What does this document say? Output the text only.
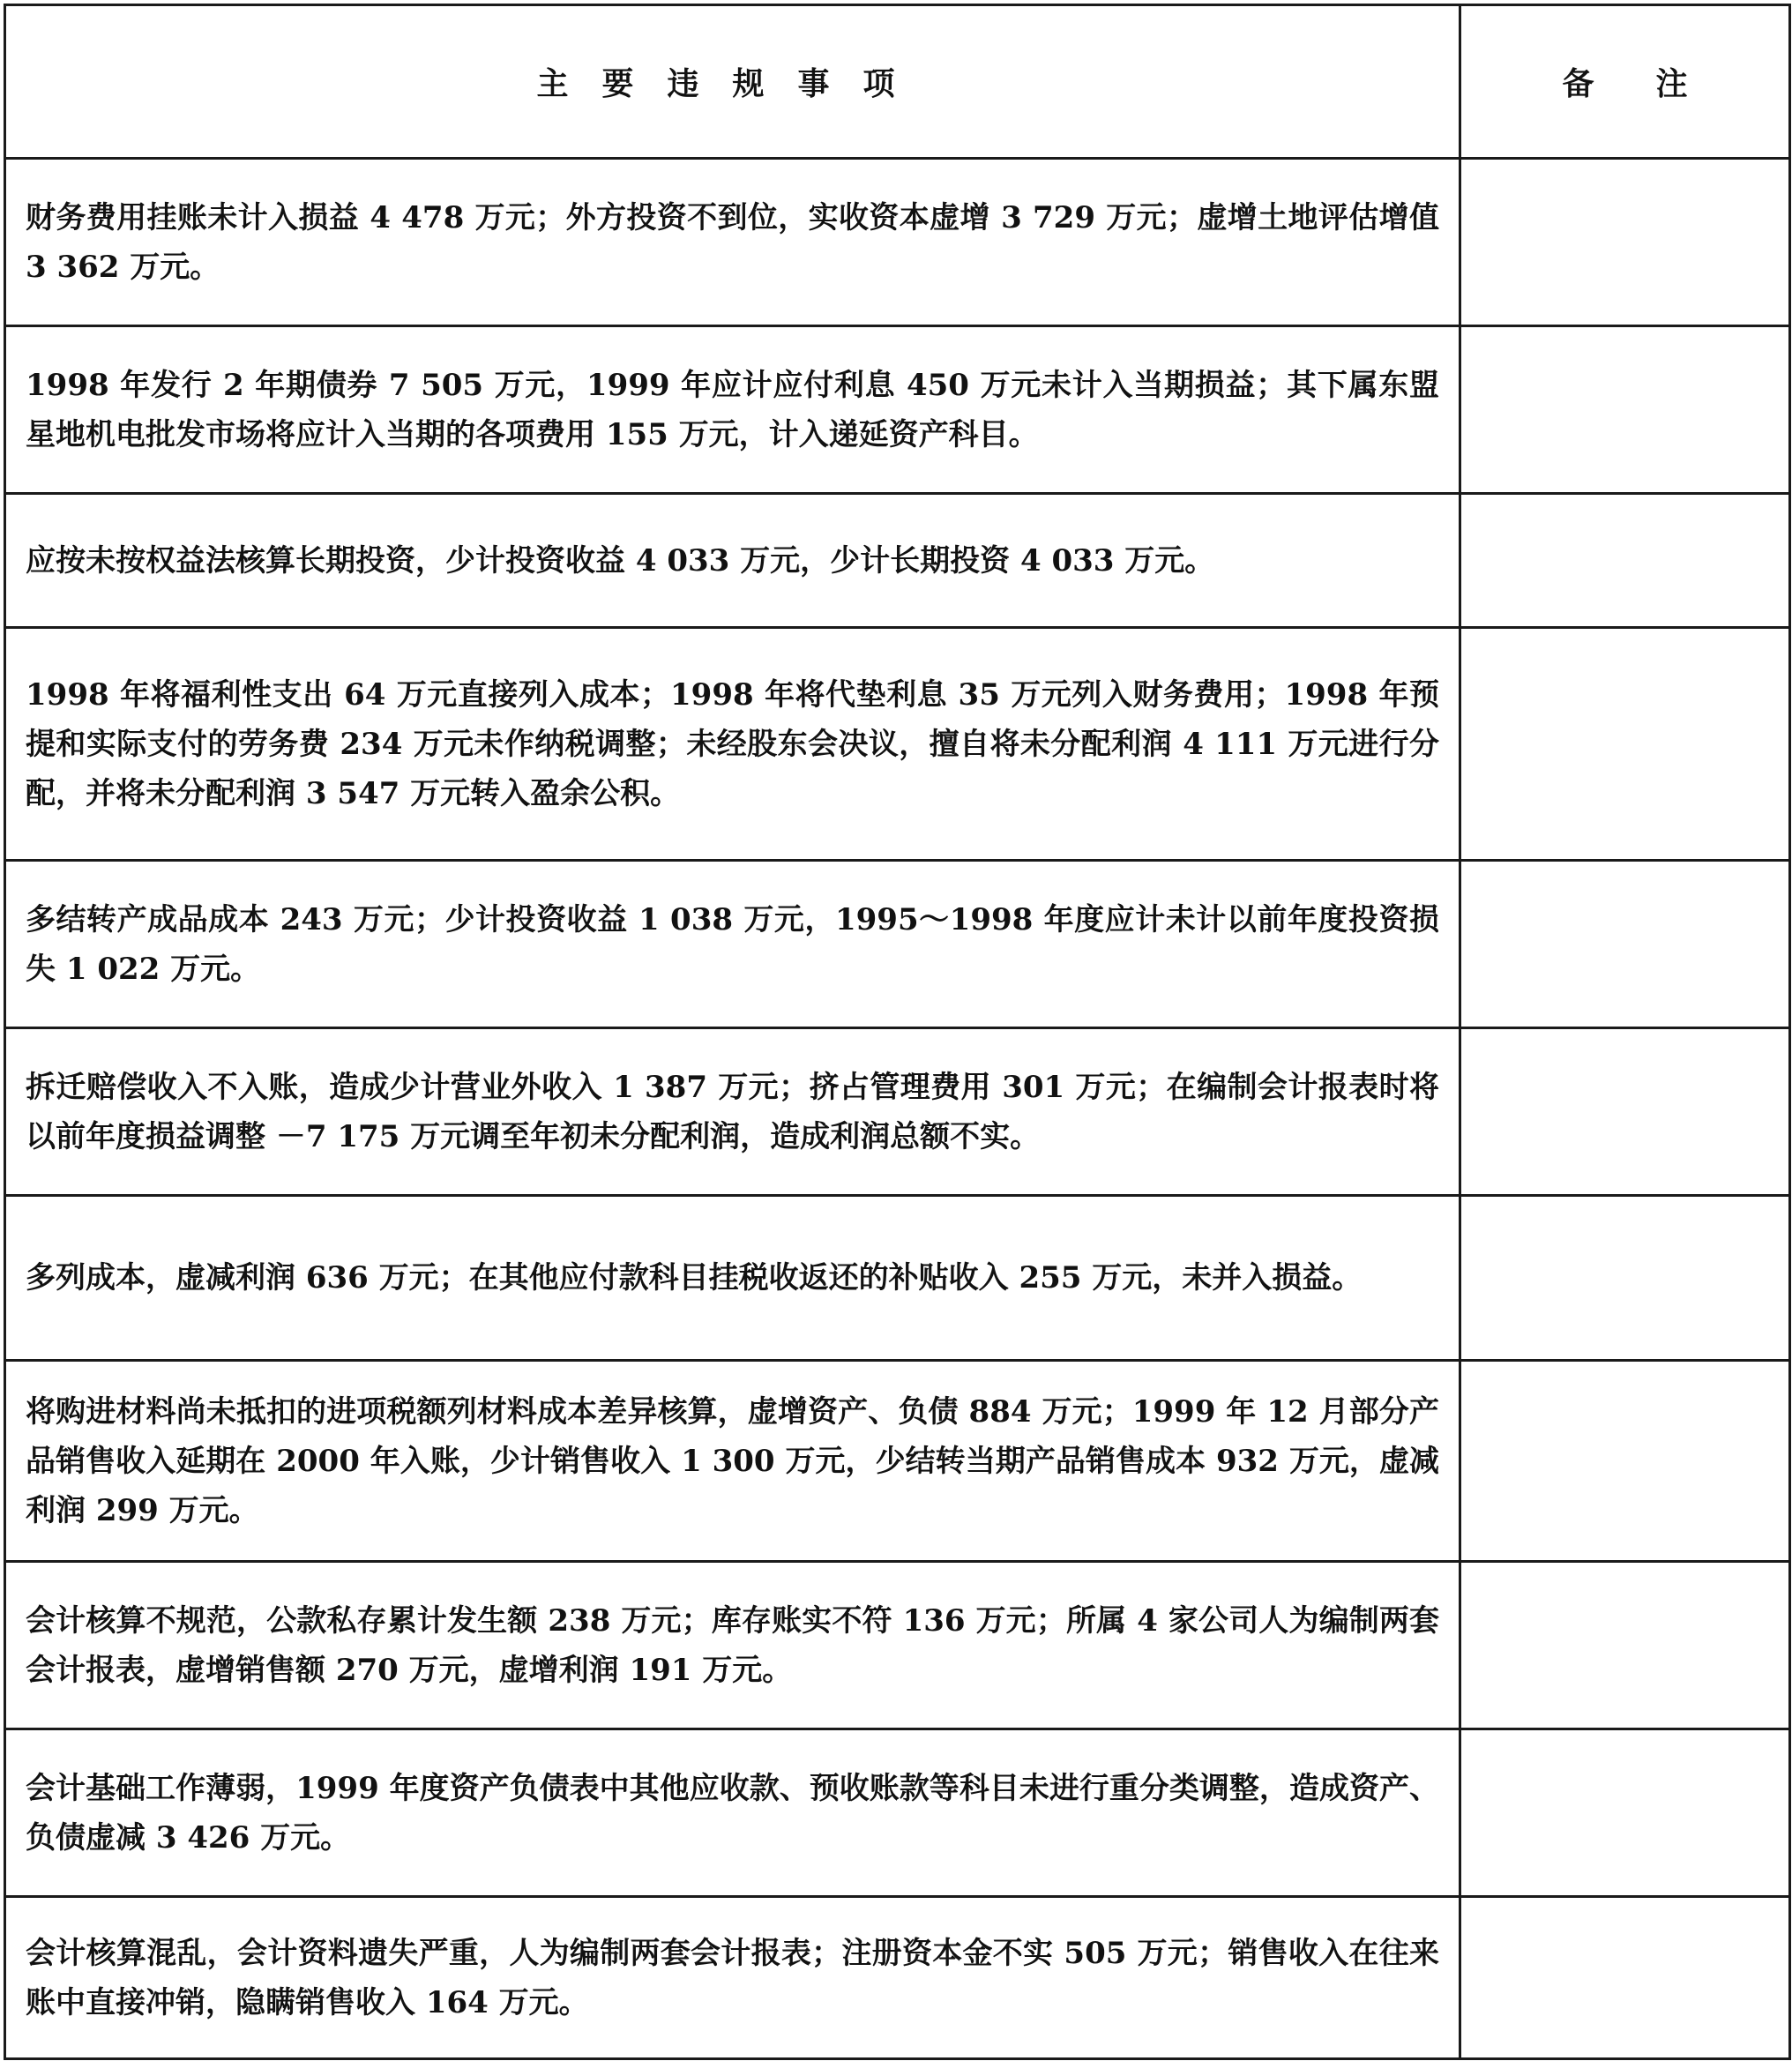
主要违规事项	备注
财务费用挂账未计入损益 4 478 万元；外方投资不到位，实收资本虚增 3 729 万元；虚增土地评估增值 3 362 万元。	
1998 年发行 2 年期债券 7 505 万元，1999 年应计应付利息 450 万元未计入当期损益；其下属东盟星地机电批发市场将应计入当期的各项费用 155 万元，计入递延资产科目。	
应按未按权益法核算长期投资，少计投资收益 4 033 万元，少计长期投资 4 033 万元。	
1998 年将福利性支出 64 万元直接列入成本；1998 年将代垫利息 35 万元列入财务费用；1998 年预提和实际支付的劳务费 234 万元未作纳税调整；未经股东会决议，擅自将未分配利润 4 111 万元进行分配，并将未分配利润 3 547 万元转入盈余公积。	
多结转产成品成本 243 万元；少计投资收益 1 038 万元，1995～1998 年度应计未计以前年度投资损失 1 022 万元。	
拆迁赔偿收入不入账，造成少计营业外收入 1 387 万元；挤占管理费用 301 万元；在编制会计报表时将以前年度损益调整 －7 175 万元调至年初未分配利润，造成利润总额不实。	
多列成本，虚减利润 636 万元；在其他应付款科目挂税收返还的补贴收入 255 万元，未并入损益。	
将购进材料尚未抵扣的进项税额列材料成本差异核算，虚增资产、负债 884 万元；1999 年 12 月部分产品销售收入延期在 2000 年入账，少计销售收入 1 300 万元，少结转当期产品销售成本 932 万元，虚减利润 299 万元。	
会计核算不规范，公款私存累计发生额 238 万元；库存账实不符 136 万元；所属 4 家公司人为编制两套会计报表，虚增销售额 270 万元，虚增利润 191 万元。	
会计基础工作薄弱，1999 年度资产负债表中其他应收款、预收账款等科目未进行重分类调整，造成资产、负债虚减 3 426 万元。	
会计核算混乱，会计资料遗失严重，人为编制两套会计报表；注册资本金不实 505 万元；销售收入在往来账中直接冲销，隐瞒销售收入 164 万元。	
